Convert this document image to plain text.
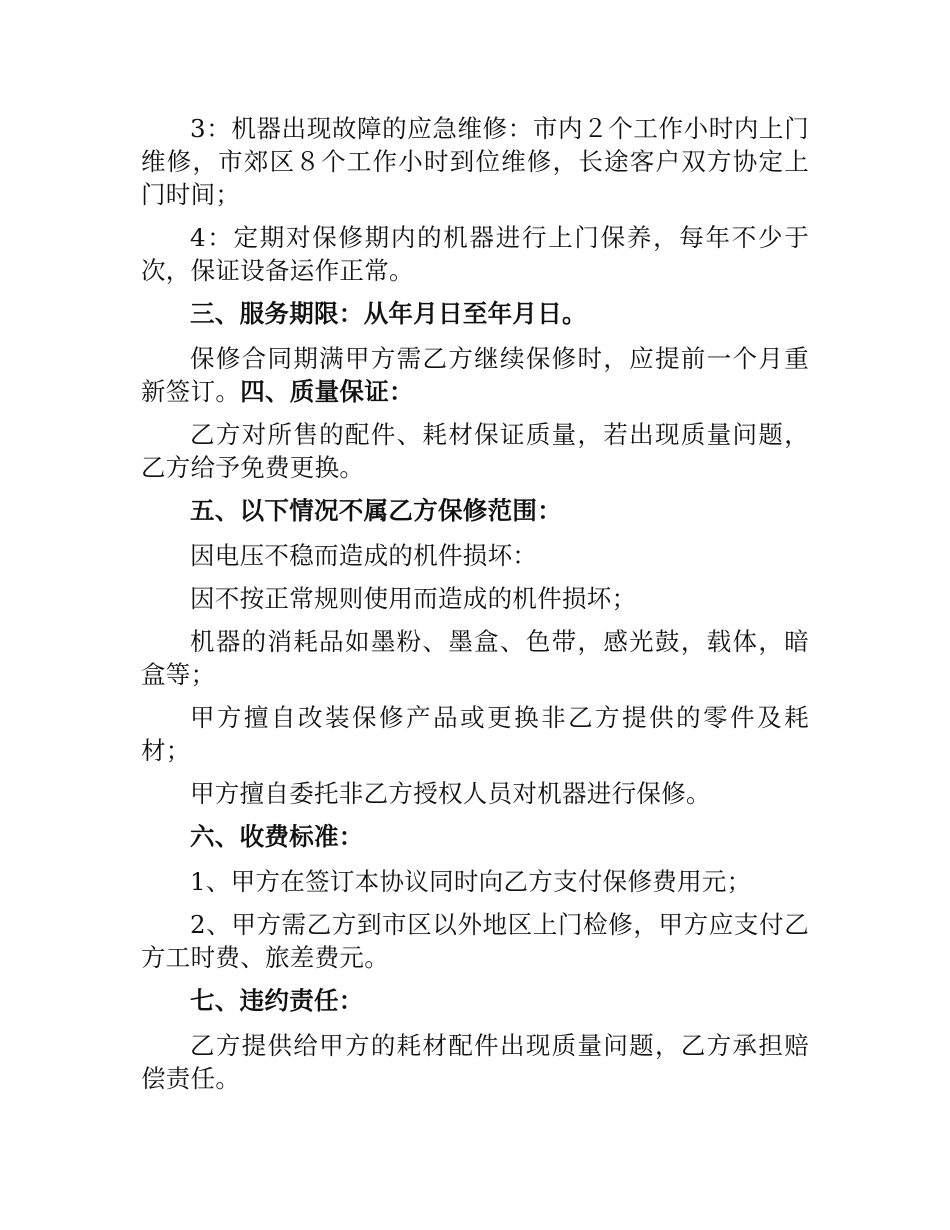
3：机器出现故障的应急维修：市内２个工作小时内上门维修，市郊区８个工作小时到位维修，长途客户双方协定上门时间；

4：定期对保修期内的机器进行上门保养，每年不少于次，保证设备运作正常。

三、服务期限：从年月日至年月日。

保修合同期满甲方需乙方继续保修时，应提前一个月重新签订。四、质量保证：

乙方对所售的配件、耗材保证质量，若出现质量问题，乙方给予免费更换。

五、以下情况不属乙方保修范围：

因电压不稳而造成的机件损坏：

因不按正常规则使用而造成的机件损坏；

机器的消耗品如墨粉、墨盒、色带，感光鼓，载体，暗盒等；

甲方擅自改装保修产品或更换非乙方提供的零件及耗材；

甲方擅自委托非乙方授权人员对机器进行保修。

六、收费标准：

1、甲方在签订本协议同时向乙方支付保修费用元；

2、甲方需乙方到市区以外地区上门检修，甲方应支付乙方工时费、旅差费元。

七、违约责任：

乙方提供给甲方的耗材配件出现质量问题，乙方承担赔偿责任。
